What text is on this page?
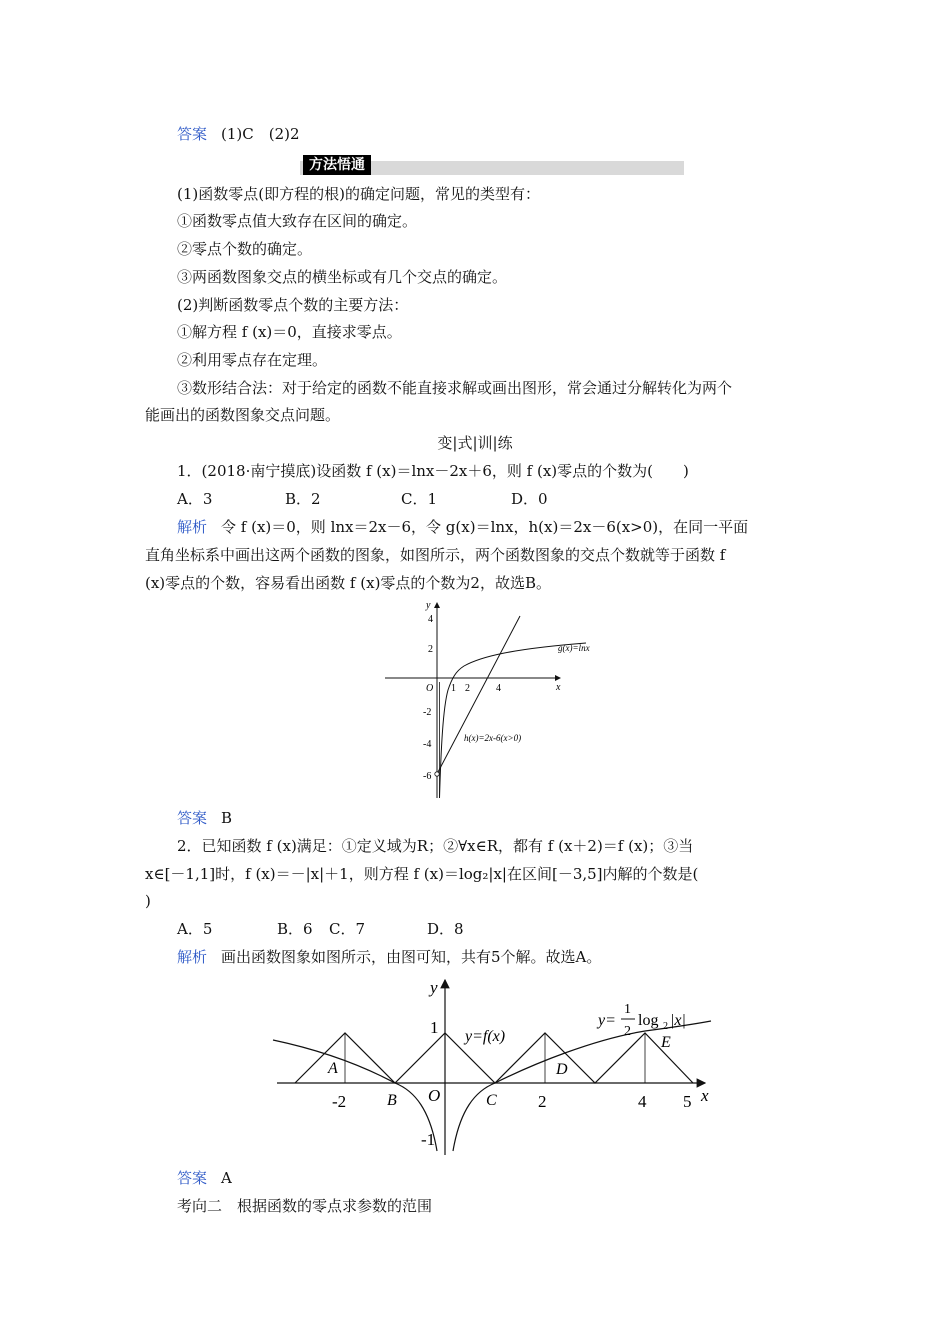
答案 (1)C　(2)2
方法悟通
(1)函数零点(即方程的根)的确定问题，常见的类型有：
①函数零点值大致存在区间的确定。
②零点个数的确定。
③两函数图象交点的横坐标或有几个交点的确定。
(2)判断函数零点个数的主要方法：
①解方程 f (x)＝0，直接求零点。
②利用零点存在定理。
③数形结合法：对于给定的函数不能直接求解或画出图形，常会通过分解转化为两个
能画出的函数图象交点问题。
变|式|训|练
1．(2018·南宁摸底)设函数 f (x)＝lnx－2x＋6，则 f (x)零点的个数为(　　)
A．3	B．2	C．1	D．0
解析 令 f (x)＝0，则 lnx＝2x－6，令 g(x)＝lnx，h(x)＝2x－6(x>0)，在同一平面
直角坐标系中画出这两个函数的图象，如图所示，两个函数图象的交点个数就等于函数 f
(x)零点的个数，容易看出函数 f (x)零点的个数为2，故选B。
y
x
O 1 2	4
4
2
-2
-4
-6
g(x)=lnx
h(x)=2x-6(x>0)
答案 B
2．已知函数 f (x)满足：①定义域为R；②∀x∈R，都有 f (x＋2)＝f (x)；③当
x∈[－1,1]时，f (x)＝－|x|＋1，则方程 f (x)＝log₂|x|在区间[－3,5]内解的个数是(
)
A．5	B．6 C．7	D．8
解析 画出函数图象如图所示，由图可知，共有5个解。故选A。
y
x
O
1
-1
-2	2	4 5
A
B	C
D
E
y=f(x)
y=
1
2
log 2 |x|
答案 A
考向二　根据函数的零点求参数的范围
